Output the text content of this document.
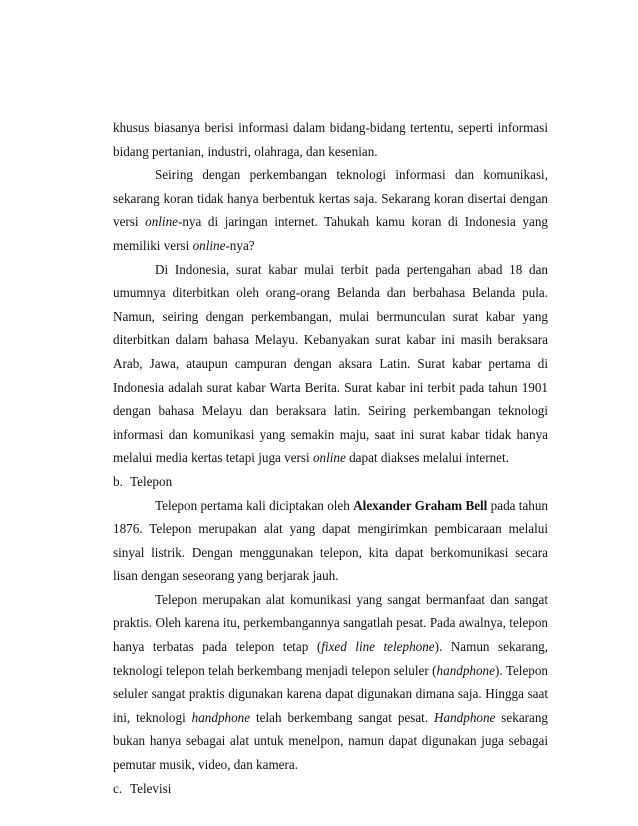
khusus biasanya berisi informasi dalam bidang-bidang tertentu, seperti informasi bidang pertanian, industri, olahraga, dan kesenian.

Seiring dengan perkembangan teknologi informasi dan komunikasi, sekarang koran tidak hanya berbentuk kertas saja. Sekarang koran disertai dengan versi online-nya di jaringan internet. Tahukah kamu koran di Indonesia yang memiliki versi online-nya?

Di Indonesia, surat kabar mulai terbit pada pertengahan abad 18 dan umumnya diterbitkan oleh orang-orang Belanda dan berbahasa Belanda pula. Namun, seiring dengan perkembangan, mulai bermunculan surat kabar yang diterbitkan dalam bahasa Melayu. Kebanyakan surat kabar ini masih beraksara Arab, Jawa, ataupun campuran dengan aksara Latin. Surat kabar pertama di Indonesia adalah surat kabar Warta Berita. Surat kabar ini terbit pada tahun 1901 dengan bahasa Melayu dan beraksara latin. Seiring perkembangan teknologi informasi dan komunikasi yang semakin maju, saat ini surat kabar tidak hanya melalui media kertas tetapi juga versi online dapat diakses melalui internet.

b. Telepon

Telepon pertama kali diciptakan oleh Alexander Graham Bell pada tahun 1876. Telepon merupakan alat yang dapat mengirimkan pembicaraan melalui sinyal listrik. Dengan menggunakan telepon, kita dapat berkomunikasi secara lisan dengan seseorang yang berjarak jauh.

Telepon merupakan alat komunikasi yang sangat bermanfaat dan sangat praktis. Oleh karena itu, perkembangannya sangatlah pesat. Pada awalnya, telepon hanya terbatas pada telepon tetap (fixed line telephone). Namun sekarang, teknologi telepon telah berkembang menjadi telepon seluler (handphone). Telepon seluler sangat praktis digunakan karena dapat digunakan dimana saja. Hingga saat ini, teknologi handphone telah berkembang sangat pesat. Handphone sekarang bukan hanya sebagai alat untuk menelpon, namun dapat digunakan juga sebagai pemutar musik, video, dan kamera.

c. Televisi
